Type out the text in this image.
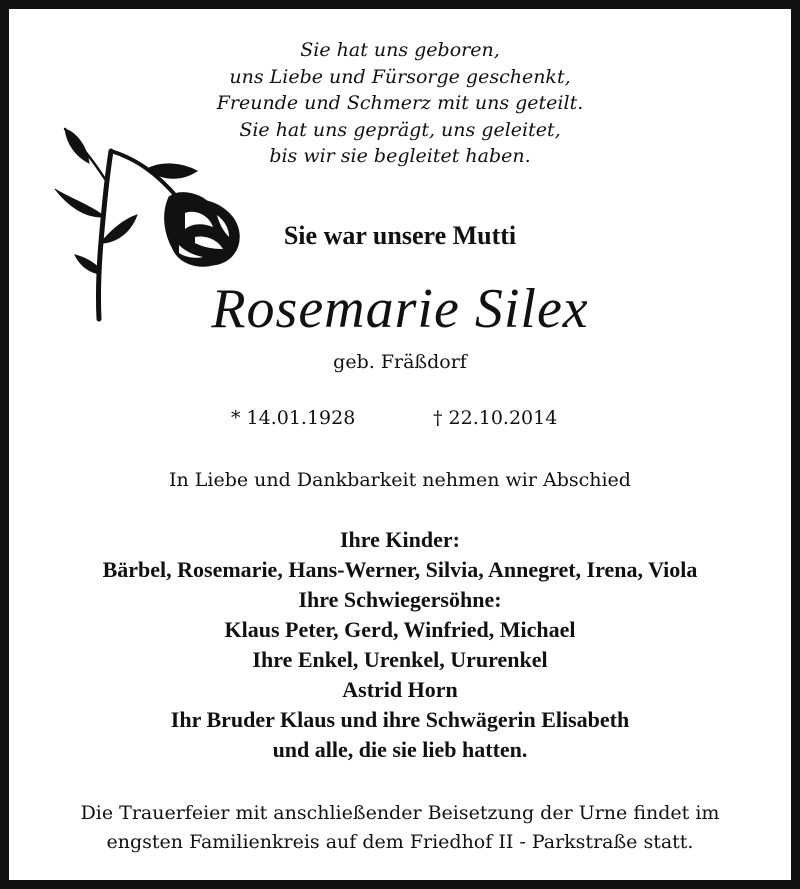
Sie hat uns geboren,
uns Liebe und Fürsorge geschenkt,
Freunde und Schmerz mit uns geteilt.
Sie hat uns geprägt, uns geleitet,
bis wir sie begleitet haben.
Sie war unsere Mutti
Rosemarie Silex
geb. Fräßdorf
* 14.01.1928	† 22.10.2014
In Liebe und Dankbarkeit nehmen wir Abschied
Ihre Kinder:
Bärbel, Rosemarie, Hans-Werner, Silvia, Annegret, Irena, Viola
Ihre Schwiegersöhne:
Klaus Peter, Gerd, Winfried, Michael
Ihre Enkel, Urenkel, Ururenkel
Astrid Horn
Ihr Bruder Klaus und ihre Schwägerin Elisabeth
und alle, die sie lieb hatten.
Die Trauerfeier mit anschließender Beisetzung der Urne findet im
engsten Familienkreis auf dem Friedhof II - Parkstraße statt.
